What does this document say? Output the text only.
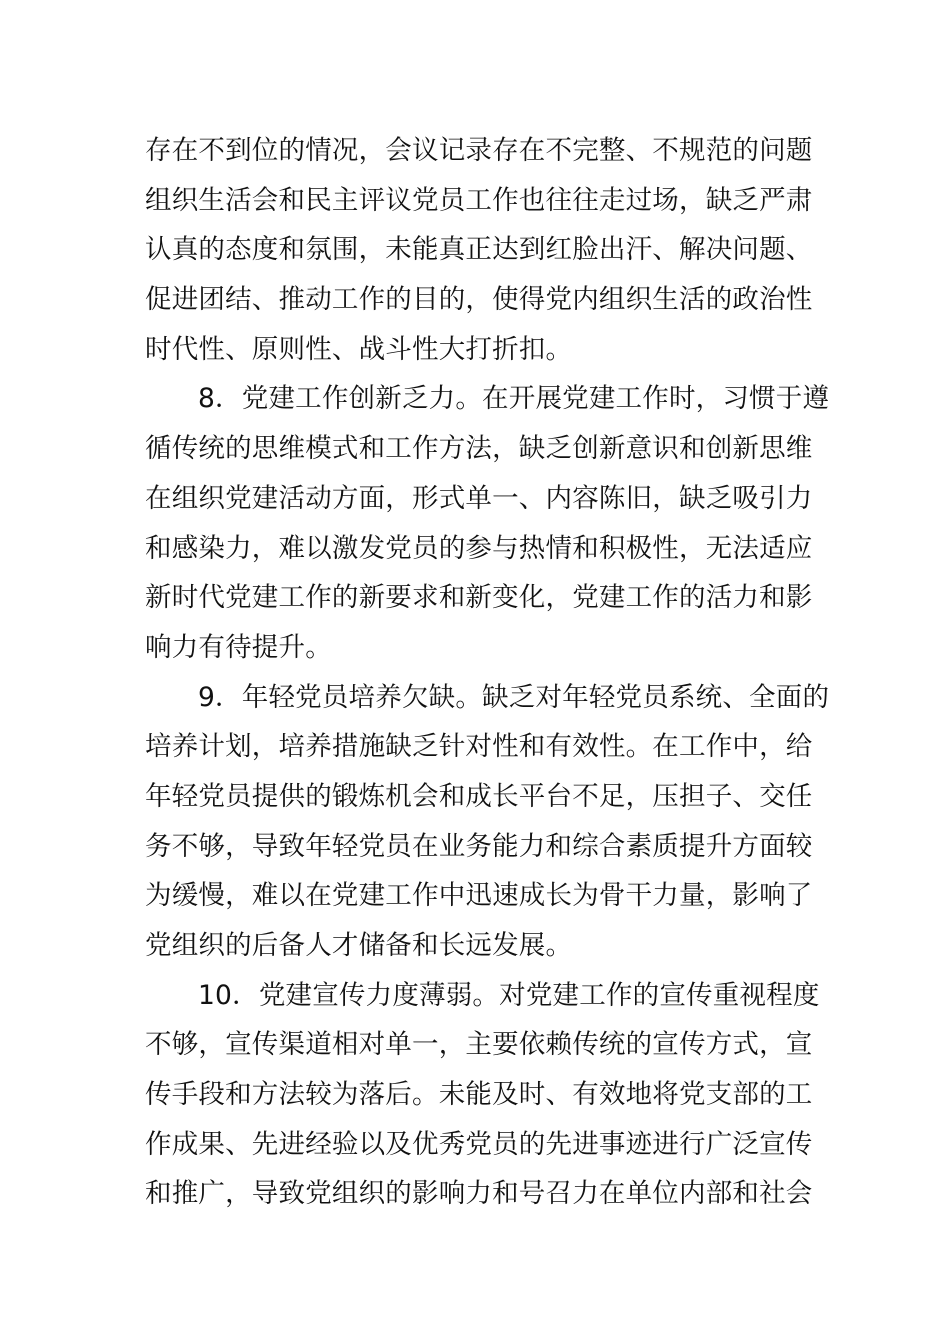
存在不到位的情况，会议记录存在不完整、不规范的问题
组织生活会和民主评议党员工作也往往走过场，缺乏严肃
认真的态度和氛围，未能真正达到红脸出汗、解决问题、
促进团结、推动工作的目的，使得党内组织生活的政治性
时代性、原则性、战斗性大打折扣。
8．党建工作创新乏力。在开展党建工作时，习惯于遵
循传统的思维模式和工作方法，缺乏创新意识和创新思维
在组织党建活动方面，形式单一、内容陈旧，缺乏吸引力
和感染力，难以激发党员的参与热情和积极性，无法适应
新时代党建工作的新要求和新变化，党建工作的活力和影
响力有待提升。
9．年轻党员培养欠缺。缺乏对年轻党员系统、全面的
培养计划，培养措施缺乏针对性和有效性。在工作中，给
年轻党员提供的锻炼机会和成长平台不足，压担子、交任
务不够，导致年轻党员在业务能力和综合素质提升方面较
为缓慢，难以在党建工作中迅速成长为骨干力量，影响了
党组织的后备人才储备和长远发展。
10．党建宣传力度薄弱。对党建工作的宣传重视程度
不够，宣传渠道相对单一，主要依赖传统的宣传方式，宣
传手段和方法较为落后。未能及时、有效地将党支部的工
作成果、先进经验以及优秀党员的先进事迹进行广泛宣传
和推广，导致党组织的影响力和号召力在单位内部和社会
